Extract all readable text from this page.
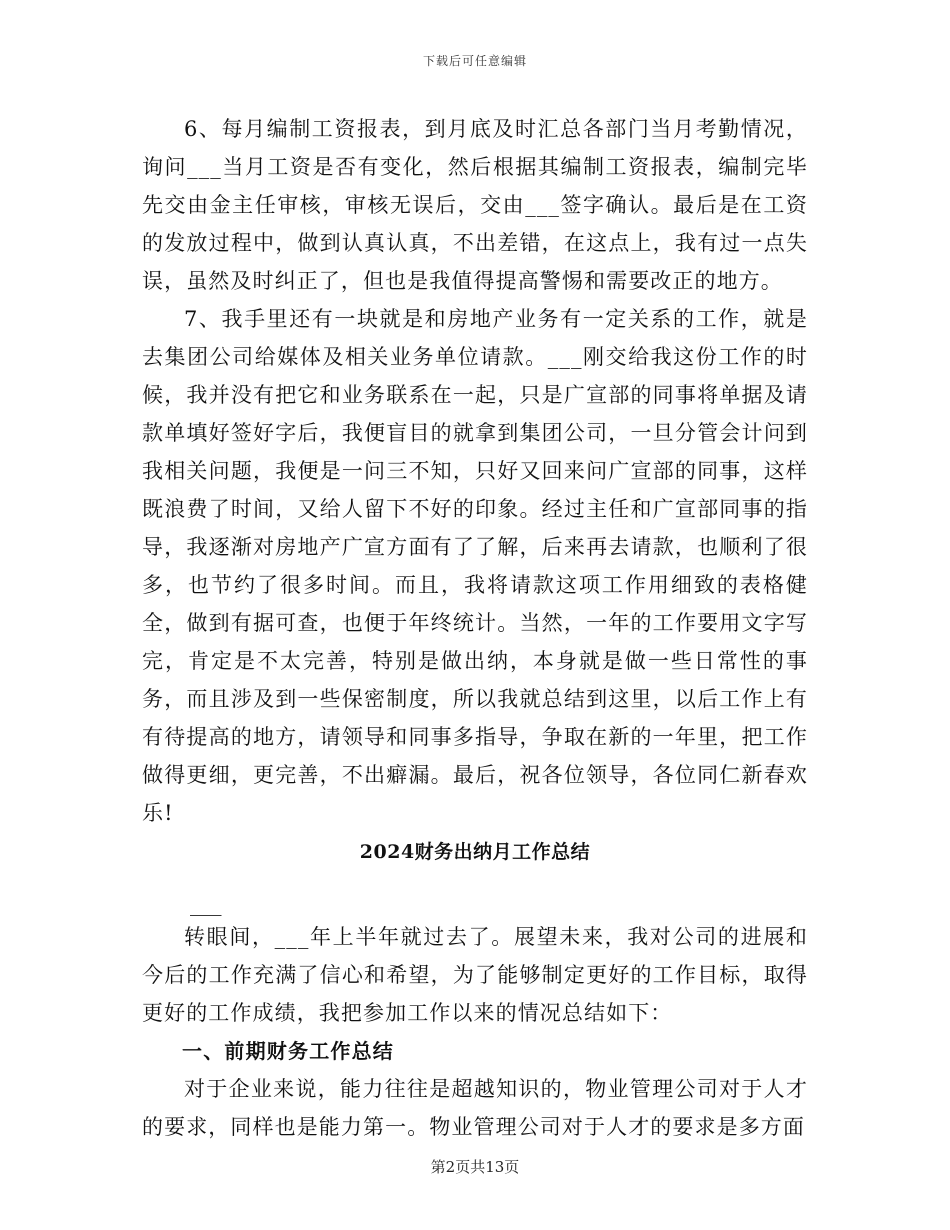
下载后可任意编辑

6、每月编制工资报表，到月底及时汇总各部门当月考勤情况，询问___当月工资是否有变化，然后根据其编制工资报表，编制完毕先交由金主任审核，审核无误后，交由___签字确认。最后是在工资的发放过程中，做到认真认真，不出差错，在这点上，我有过一点失误，虽然及时纠正了，但也是我值得提高警惕和需要改正的地方。

7、我手里还有一块就是和房地产业务有一定关系的工作，就是去集团公司给媒体及相关业务单位请款。___刚交给我这份工作的时候，我并没有把它和业务联系在一起，只是广宣部的同事将单据及请款单填好签好字后，我便盲目的就拿到集团公司，一旦分管会计问到我相关问题，我便是一问三不知，只好又回来问广宣部的同事，这样既浪费了时间，又给人留下不好的印象。经过主任和广宣部同事的指导，我逐渐对房地产广宣方面有了了解，后来再去请款，也顺利了很多，也节约了很多时间。而且，我将请款这项工作用细致的表格健全，做到有据可查，也便于年终统计。当然，一年的工作要用文字写完，肯定是不太完善，特别是做出纳，本身就是做一些日常性的事务，而且涉及到一些保密制度，所以我就总结到这里，以后工作上有有待提高的地方，请领导和同事多指导，争取在新的一年里，把工作做得更细，更完善，不出癖漏。最后，祝各位领导，各位同仁新春欢乐!

2024财务出纳月工作总结

___

转眼间，___年上半年就过去了。展望未来，我对公司的进展和今后的工作充满了信心和希望，为了能够制定更好的工作目标，取得更好的工作成绩，我把参加工作以来的情况总结如下：

一、前期财务工作总结

对于企业来说，能力往往是超越知识的，物业管理公司对于人才的要求，同样也是能力第一。物业管理公司对于人才的要求是多方面

第2页共13页
